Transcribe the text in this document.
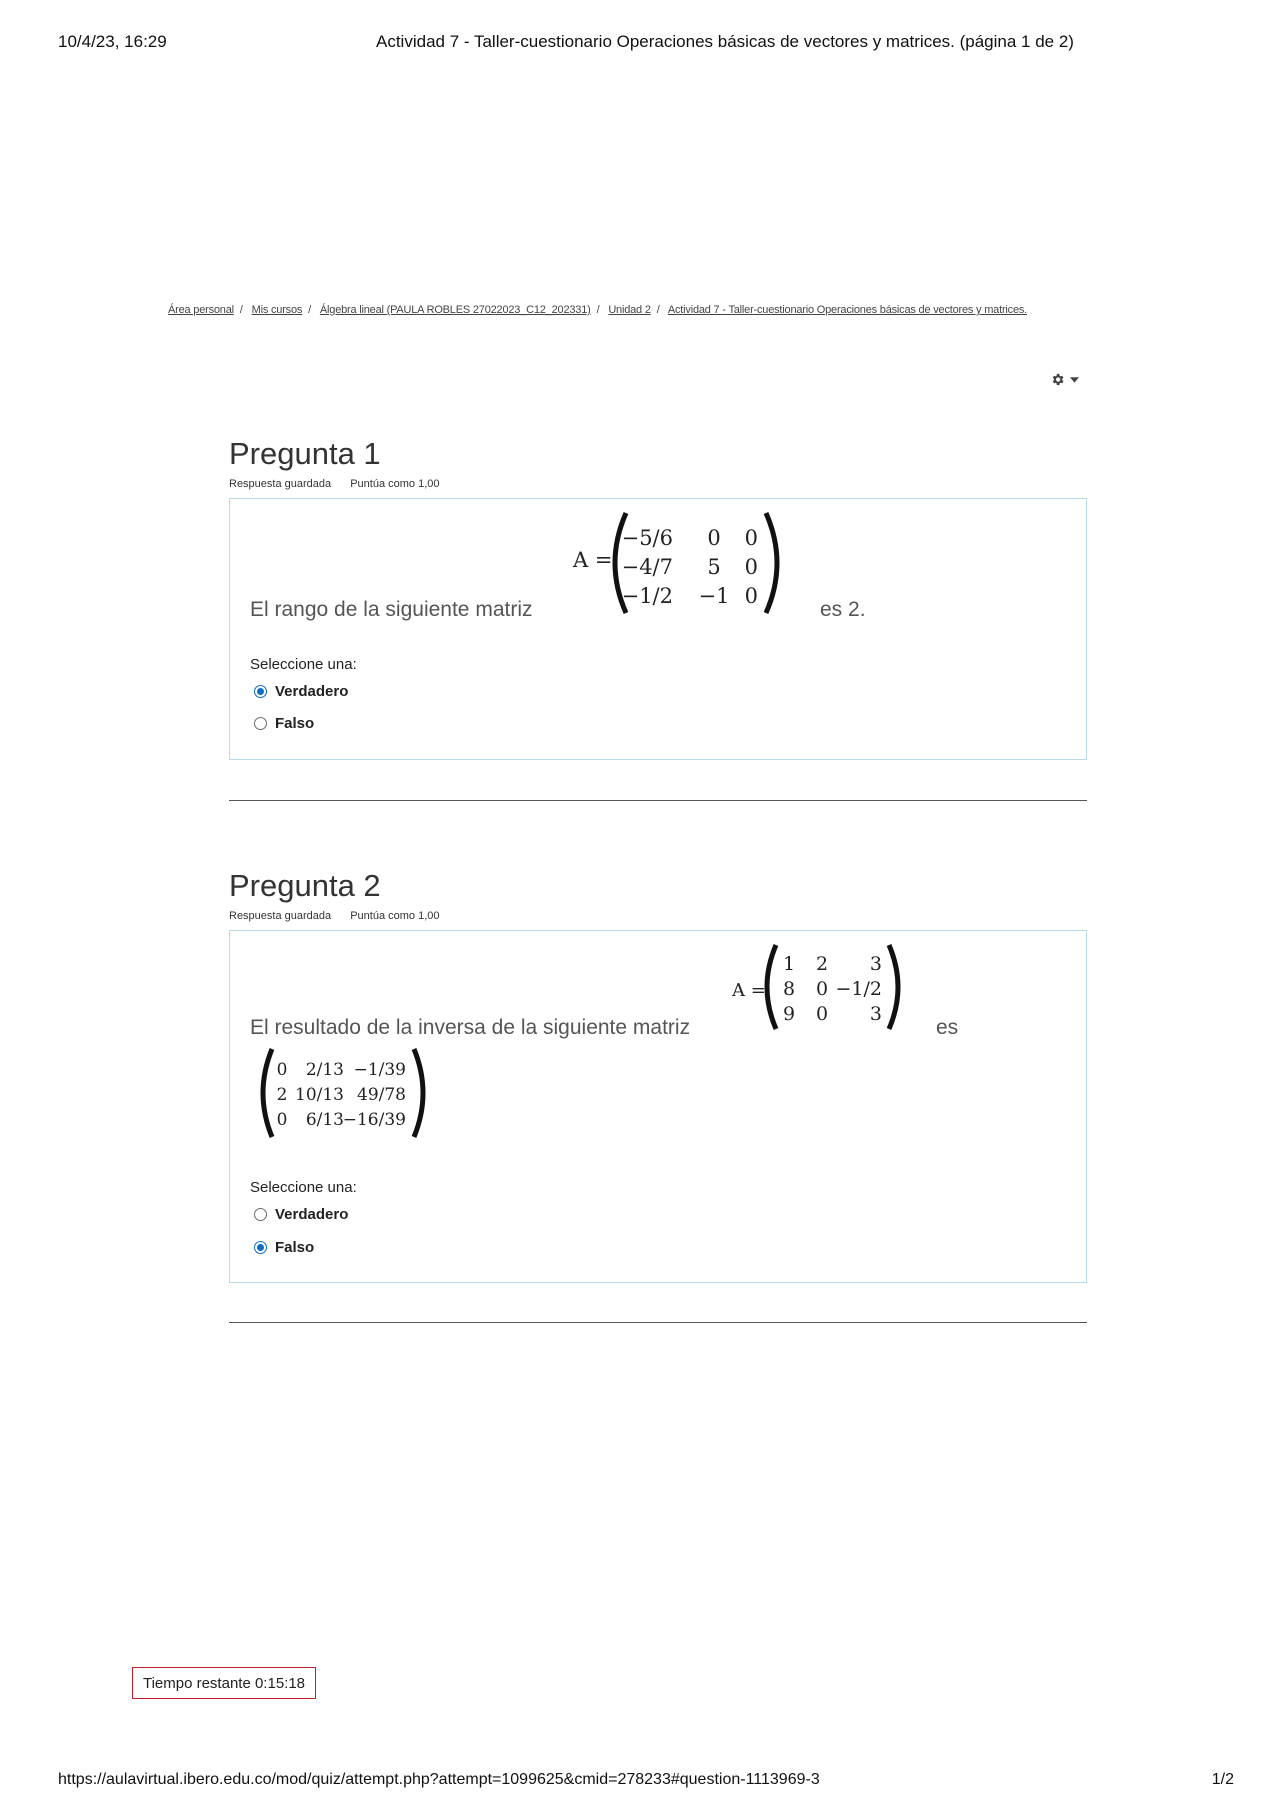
10/4/23, 16:29	Actividad 7 - Taller-cuestionario Operaciones básicas de vectores y matrices. (página 1 de 2)
Área personal / Mis cursos / Álgebra lineal (PAULA ROBLES 27022023_C12_202331) / Unidad 2 / Actividad 7 - Taller-cuestionario Operaciones básicas de vectores y matrices.
Pregunta 1
Respuesta guardada Puntúa como 1,00
El rango de la siguiente matriz
A =
−5/6 0 0
−4/7 5 0
−1/2 −1 0
es 2.
Seleccione una:
Verdadero
Falso
Pregunta 2
Respuesta guardada Puntúa como 1,00
El resultado de la inversa de la siguiente matriz
A =
1 2 3
8 0 −1/2
9 0 3
es
0 2/13 −1/39
2 10/13 49/78
0 6/13
−16/39
Seleccione una:
Verdadero
Falso
Tiempo restante 0:15:18
https://aulavirtual.ibero.edu.co/mod/quiz/attempt.php?attempt=1099625&cmid=278233#question-1113969-3	1/2
